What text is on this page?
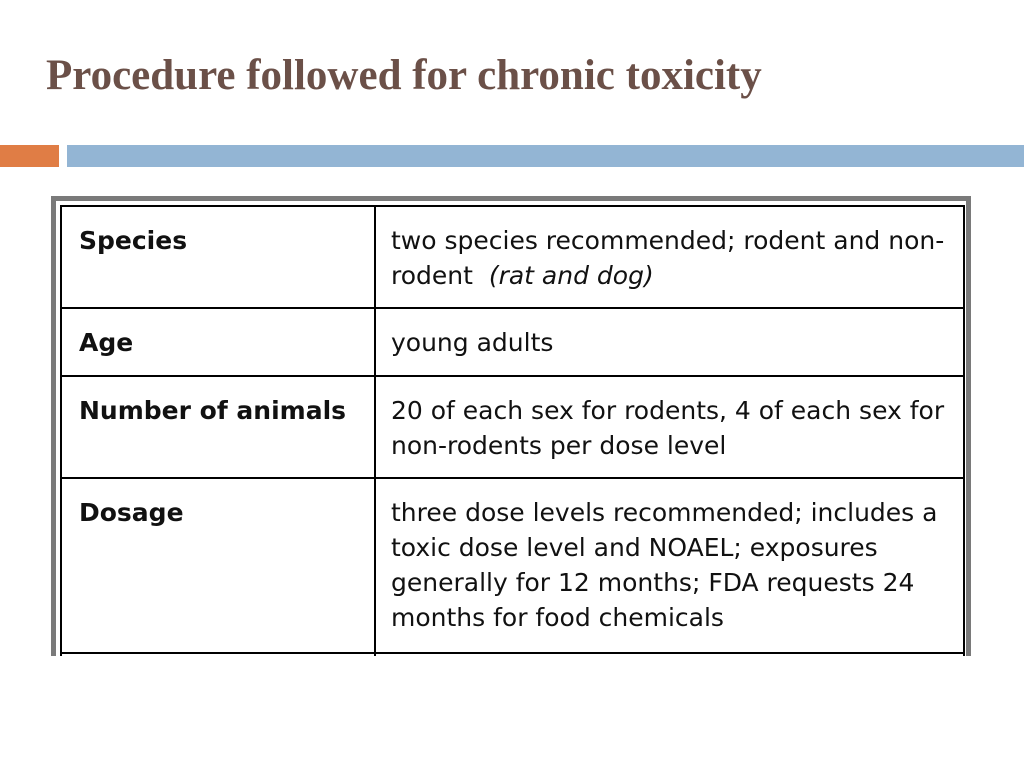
Procedure followed for chronic toxicity
Species	two species recommended; rodent and non-rodent (rat and dog)
Age	young adults
Number of animals	20 of each sex for rodents, 4 of each sex for non-rodents per dose level
Dosage	three dose levels recommended; includes a toxic dose level and NOAEL; exposures generally for 12 months; FDA requests 24 months for food chemicals
